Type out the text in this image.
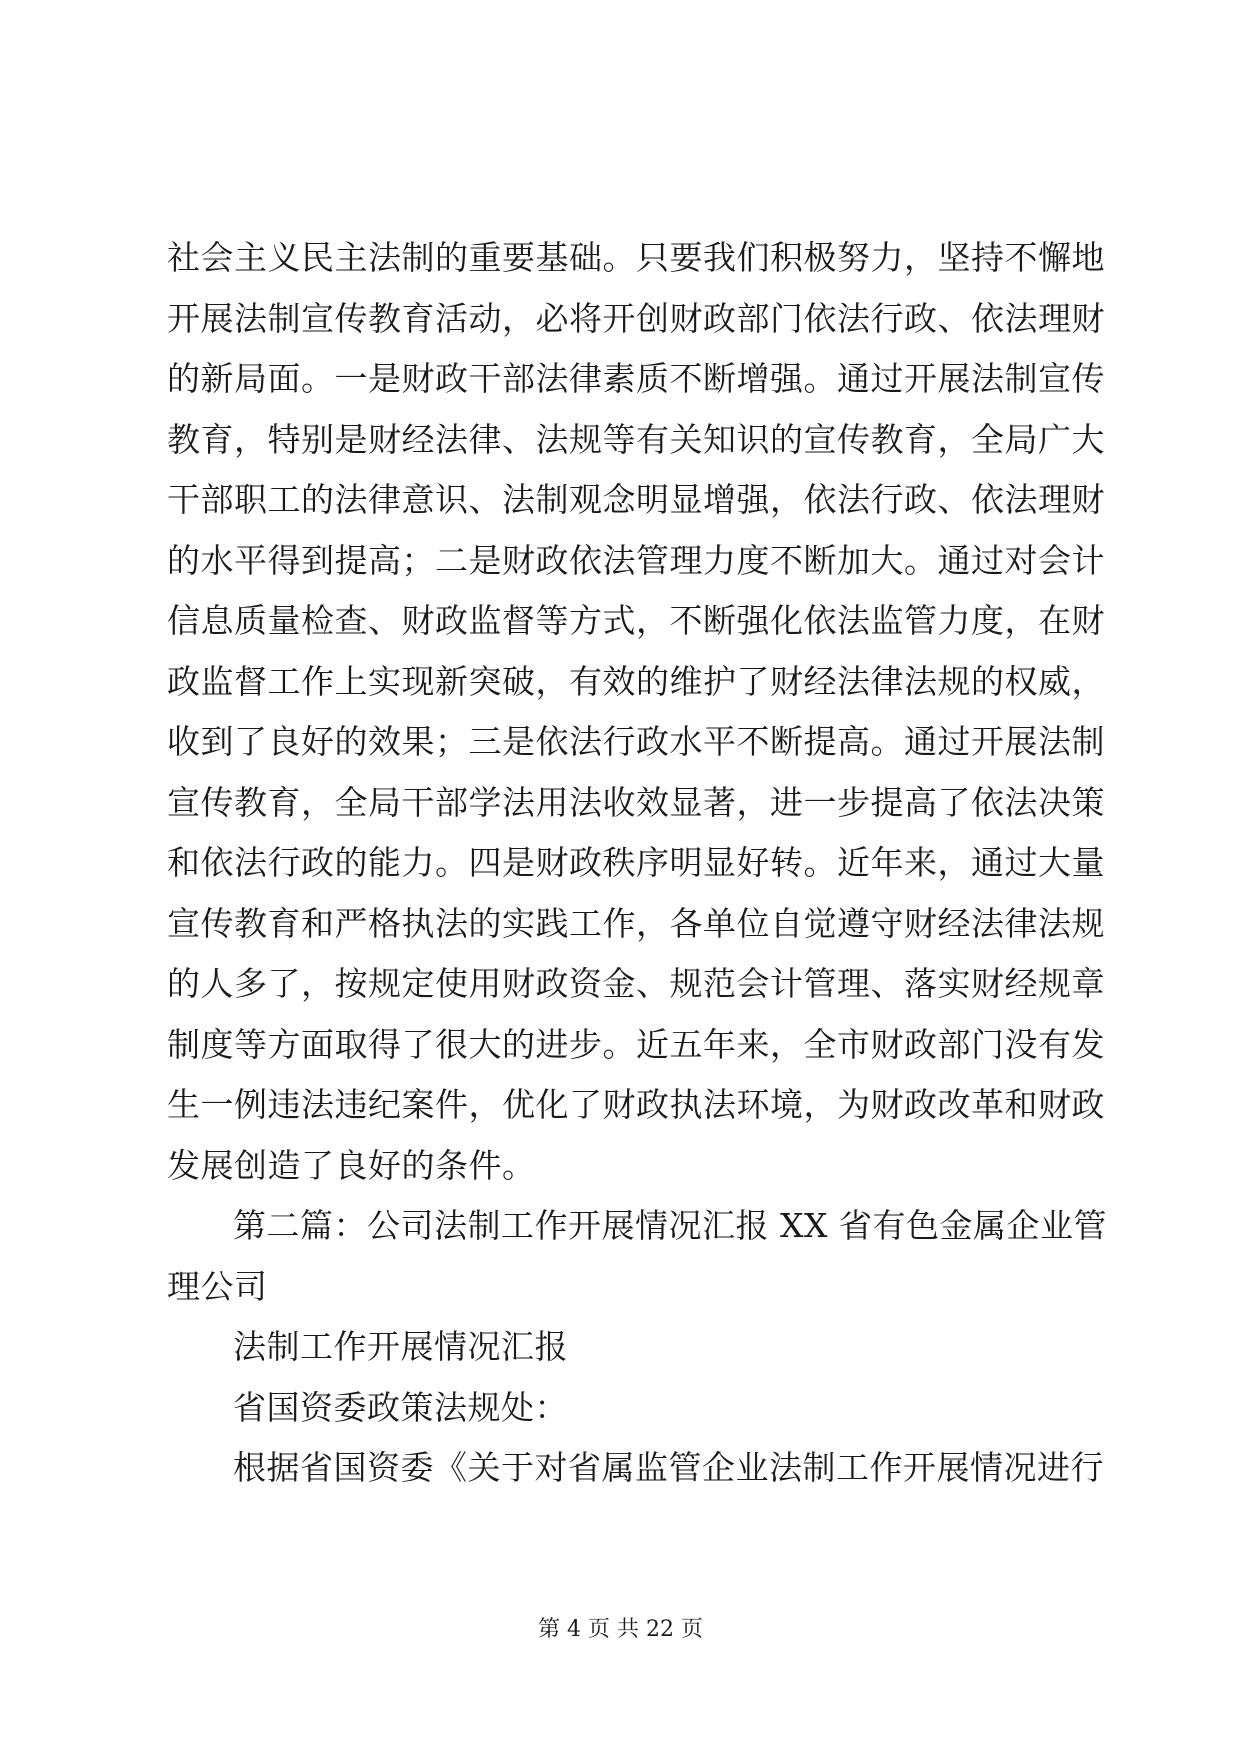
社会主义民主法制的重要基础。只要我们积极努力，坚持不懈地
开展法制宣传教育活动，必将开创财政部门依法行政、依法理财
的新局面。一是财政干部法律素质不断增强。通过开展法制宣传
教育，特别是财经法律、法规等有关知识的宣传教育，全局广大
干部职工的法律意识、法制观念明显增强，依法行政、依法理财
的水平得到提高；二是财政依法管理力度不断加大。通过对会计
信息质量检查、财政监督等方式，不断强化依法监管力度，在财
政监督工作上实现新突破，有效的维护了财经法律法规的权威，
收到了良好的效果；三是依法行政水平不断提高。通过开展法制
宣传教育，全局干部学法用法收效显著，进一步提高了依法决策
和依法行政的能力。四是财政秩序明显好转。近年来，通过大量
宣传教育和严格执法的实践工作，各单位自觉遵守财经法律法规
的人多了，按规定使用财政资金、规范会计管理、落实财经规章
制度等方面取得了很大的进步。近五年来，全市财政部门没有发
生一例违法违纪案件，优化了财政执法环境，为财政改革和财政
发展创造了良好的条件。
第二篇：公司法制工作开展情况汇报 XX 省有色金属企业管
理公司
法制工作开展情况汇报
省国资委政策法规处：
根据省国资委《关于对省属监管企业法制工作开展情况进行
第 4 页 共 22 页
